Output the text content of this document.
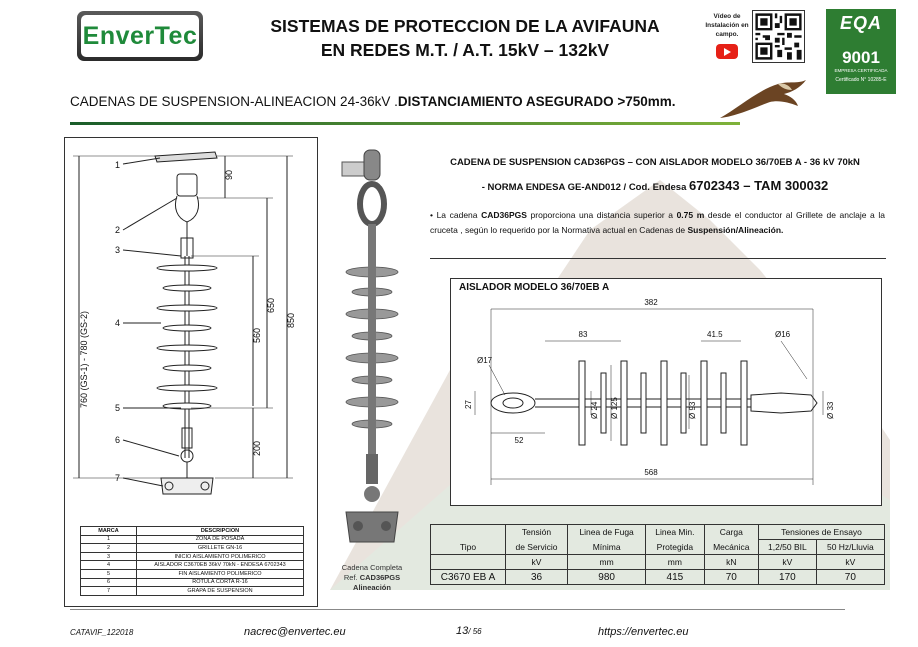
EnverTec	SISTEMAS DE PROTECCION DE LA AVIFAUNA
EN REDES M.T. / A.T. 15kV – 132kV
Vídeo de Instalación en campo.
EQA
9001
EMPRESA CERTIFICADA
Certificado N° 10285-E
CADENAS DE SUSPENSION-ALINEACION 24-36kV .DISTANCIAMIENTO ASEGURADO >750mm.
1
2
3
4
5
6
7
90
560
650
850
200
760 (GS-1) - 780 (GS-2)
MARCA	DESCRIPCION
1	ZONA DE POSADA
2	GRILLETE GN-16
3	INICIO AISLAMIENTO POLIMERICO
4	AISLADOR C3670EB 36kV 70kN - ENDESA 6702343
5	FIN AISLAMIENTO POLIMERICO
6	ROTULA CORTA R-16
7	GRAPA DE SUSPENSION
Cadena Completa
Ref. CAD36PGS
Alineación
CADENA DE SUSPENSION CAD36PGS – CON AISLADOR MODELO 36/70EB A - 36 kV 70kN
- NORMA ENDESA GE-AND012 / Cod. Endesa 6702343 – TAM 300032
• La cadena CAD36PGS proporciona una distancia superior a 0.75 m desde el conductor al Grillete de anclaje a la cruceta , según lo requerido por la Normativa actual en Cadenas de Suspensión/Alineación.
382
83	41.5	Ø16
Ø17
27
52
Ø 24 Ø 125	Ø 93	Ø 33
568
AISLADOR MODELO 36/70EB A
	Tensión	Linea de Fuga	Linea Min.	Carga	Tensiones de Ensayo	
Tipo	de Servicio	Mínima	Protegida	Mecánica	1,2/50 BIL	50 Hz/Lluvia
	kV	mm	mm	kN	kV	kV
C3670 EB A	36	980	415	70	170	70
CATAVIF_122018	nacrec@envertec.eu	13/ 56	https://envertec.eu
